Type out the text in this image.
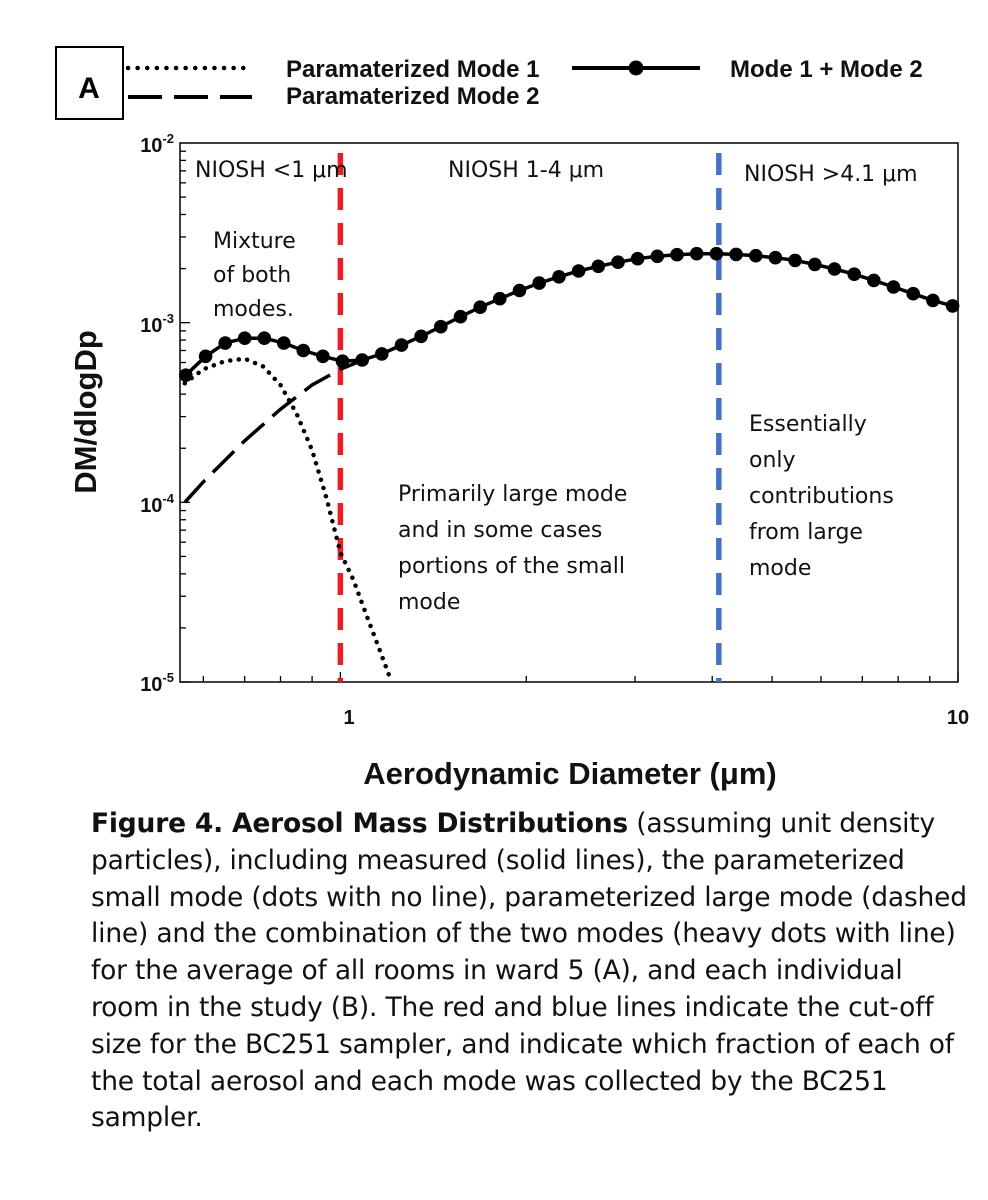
A
Paramaterized Mode 1
Paramaterized Mode 2
Mode 1 + Mode 2
$10^{-2}$
$10^{-3}$
$10^{-4}$
$10^{-5}$
1	10
Aerodynamic Diameter (μm)
DM/dlogDp
NIOSH <1 μm	NIOSH 1-4 μm	NIOSH >4.1 μm
Mixture of both modes.
Primarily large mode and in some cases portions of the small mode
Essentially only contributions from large mode
Figure 4. Aerosol Mass Distributions (assuming unit density particles), including measured (solid lines), the parameterized small mode (dots with no line), parameterized large mode (dashed line) and the combination of the two modes (heavy dots with line) for the average of all rooms in ward 5 (A), and each individual room in the study (B). The red and blue lines indicate the cut-off size for the BC251 sampler, and indicate which fraction of each of the total aerosol and each mode was collected by the BC251 sampler.
